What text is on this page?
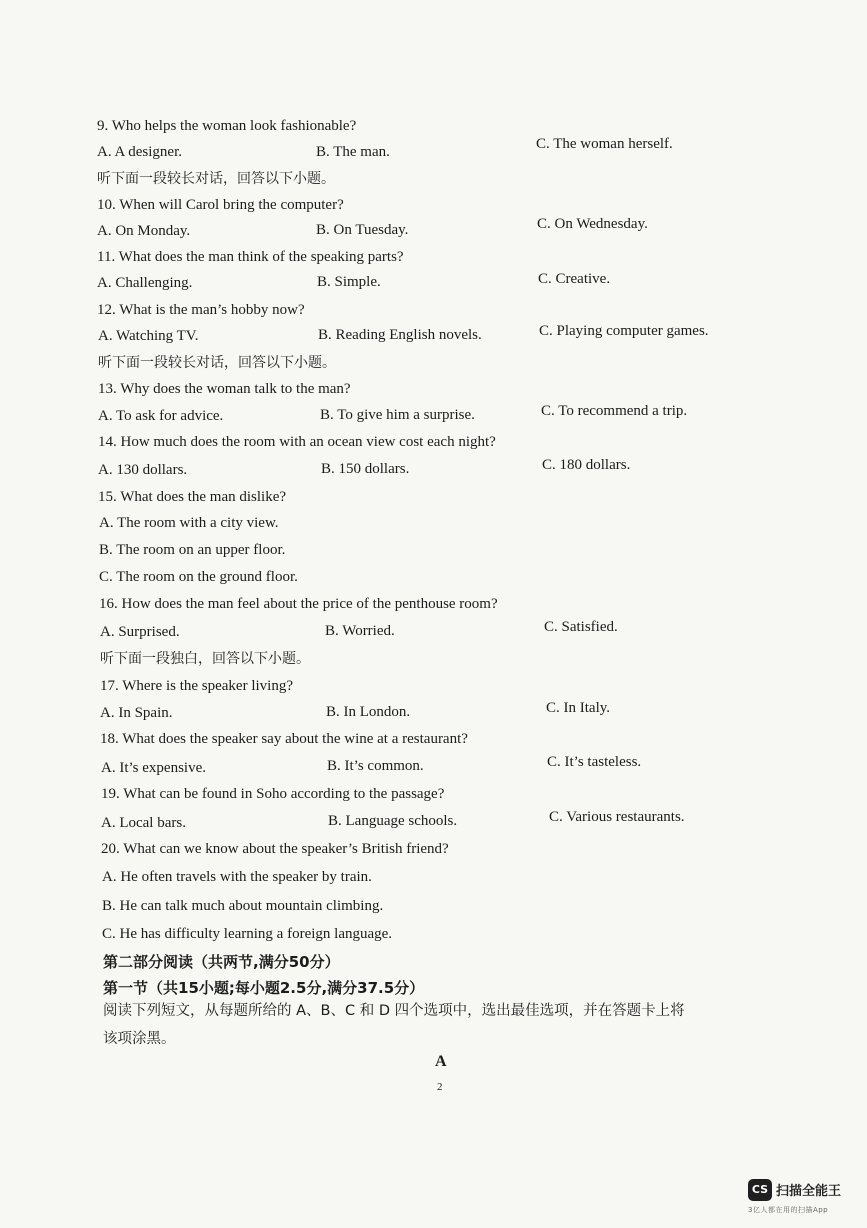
9. Who helps the woman look fashionable?
A. A designer.	B. The man.	C. The woman herself.
听下面一段较长对话，回答以下小题。
10. When will Carol bring the computer?
A. On Monday.	B. On Tuesday.	C. On Wednesday.
11. What does the man think of the speaking parts?
A. Challenging.	B. Simple.	C. Creative.
12. What is the man’s hobby now?
A. Watching TV.	B. Reading English novels.	C. Playing computer games.
听下面一段较长对话，回答以下小题。
13. Why does the woman talk to the man?
A. To ask for advice.	B. To give him a surprise.	C. To recommend a trip.
14. How much does the room with an ocean view cost each night?
A. 130 dollars.	B. 150 dollars.	C. 180 dollars.
15. What does the man dislike?
A. The room with a city view.
B. The room on an upper floor.
C. The room on the ground floor.
16. How does the man feel about the price of the penthouse room?
A. Surprised.	B. Worried.	C. Satisfied.
听下面一段独白，回答以下小题。
17. Where is the speaker living?
A. In Spain.	B. In London.	C. In Italy.
18. What does the speaker say about the wine at a restaurant?
A. It’s expensive.	B. It’s common.	C. It’s tasteless.
19. What can be found in Soho according to the passage?
A. Local bars.	B. Language schools.	C. Various restaurants.
20. What can we know about the speaker’s British friend?
A. He often travels with the speaker by train.
B. He can talk much about mountain climbing.
C. He has difficulty learning a foreign language.
第二部分阅读（共两节,满分50分）
第一节（共15小题;每小题2.5分,满分37.5分）
阅读下列短文，从每题所给的 A、B、C 和 D 四个选项中，选出最佳选项，并在答题卡上将
该项涂黑。
A
2
CS 扫描全能王
3亿人都在用的扫描App
